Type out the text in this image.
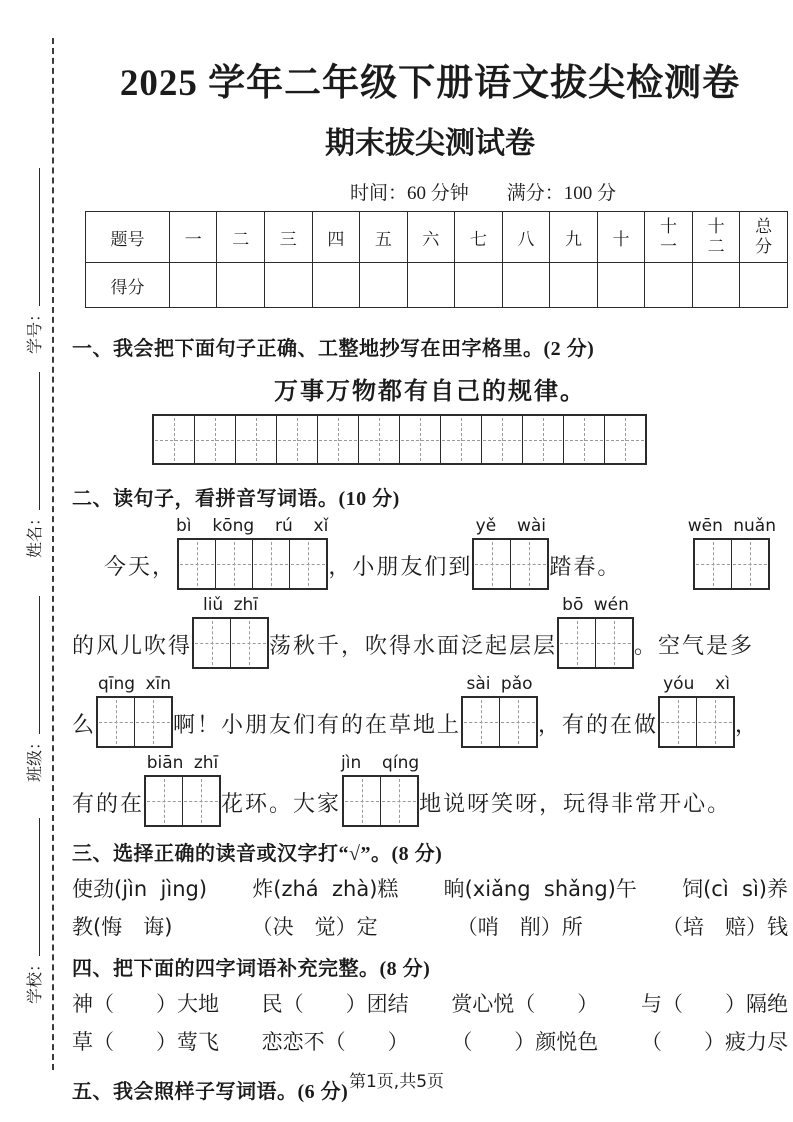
学号：
姓名：
班级：
学校：
2025 学年二年级下册语文拔尖检测卷
期末拔尖测试卷
时间：60 分钟　　满分：100 分
题号	一	二	三	四	五	六	七	八	九	十	十一	十二	总分
得分													
一、我会把下面句子正确、工整地抄写在田字格里。(2 分)
万事万物都有自己的规律。
二、读句子，看拼音写词语。(10 分)
今天，
bì  kōng  rú  xǐ
，小朋友们到
yě  wài
踏春。
wēn nuǎn
的风儿吹得
liǔ zhī
荡秋千，吹得水面泛起层层
bō wén
。空气是多
么
qīng xīn
啊！小朋友们有的在草地上
sài pǎo
，有的在做
yóu  xì
，
有的在
biān zhī
花环。大家
jìn  qíng
地说呀笑呀，玩得非常开心。
三、选择正确的读音或汉字打“√”。(8 分)
使劲(jìn  jìng) 炸(zhá  zhà)糕 晌(xiǎng  shǎng)午 饲(cì  sì)养
教(悔　诲)	（决　觉）定	（哨　削）所	（培　赔）钱
四、把下面的四字词语补充完整。(8 分)
神（　　）大地 民（　　）团结 赏心悦（　　） 与（　　）隔绝
草（　　）莺飞 恋恋不（　　） （　　）颜悦色 （　　）疲力尽
五、我会照样子写词语。(6 分) 第1页,共5页
